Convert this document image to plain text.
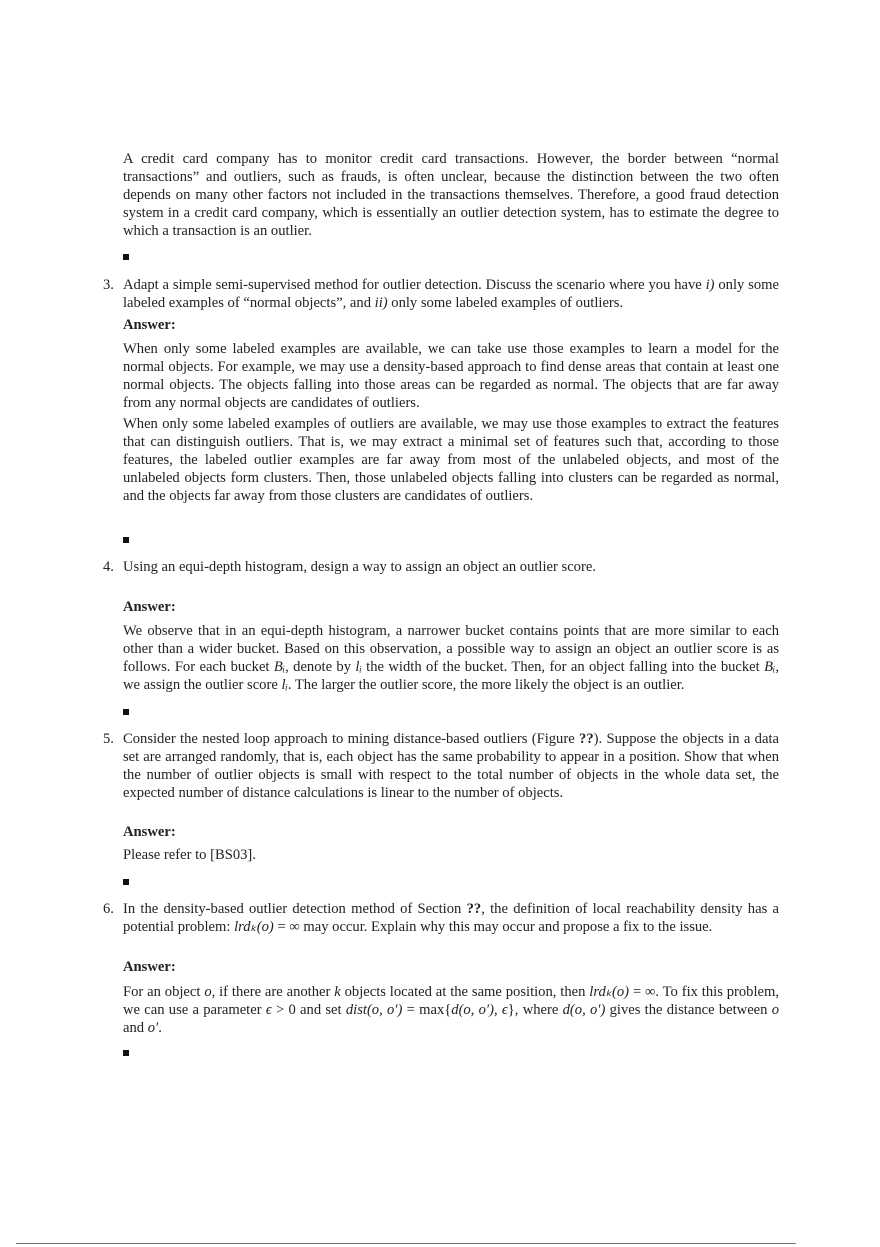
A credit card company has to monitor credit card transactions. However, the border between “normal transactions” and outliers, such as frauds, is often unclear, because the distinction between the two often depends on many other factors not included in the transactions themselves. Therefore, a good fraud detection system in a credit card company, which is essentially an outlier detection system, has to estimate the degree to which a transaction is an outlier.
3. Adapt a simple semi-supervised method for outlier detection. Discuss the scenario where you have i) only some labeled examples of “normal objects”, and ii) only some labeled examples of outliers.
Answer:
When only some labeled examples are available, we can take use those examples to learn a model for the normal objects. For example, we may use a density-based approach to find dense areas that contain at least one normal objects. The objects falling into those areas can be regarded as normal. The objects that are far away from any normal objects are candidates of outliers.
When only some labeled examples of outliers are available, we may use those examples to extract the features that can distinguish outliers. That is, we may extract a minimal set of features such that, according to those features, the labeled outlier examples are far away from most of the unlabeled objects, and most of the unlabeled objects form clusters. Then, those unlabeled objects falling into clusters can be regarded as normal, and the objects far away from those clusters are candidates of outliers.
4. Using an equi-depth histogram, design a way to assign an object an outlier score.
Answer:
We observe that in an equi-depth histogram, a narrower bucket contains points that are more similar to each other than a wider bucket. Based on this observation, a possible way to assign an object an outlier score is as follows. For each bucket Bᵢ, denote by lᵢ the width of the bucket. Then, for an object falling into the bucket Bᵢ, we assign the outlier score lᵢ. The larger the outlier score, the more likely the object is an outlier.
5. Consider the nested loop approach to mining distance-based outliers (Figure ??). Suppose the objects in a data set are arranged randomly, that is, each object has the same probability to appear in a position. Show that when the number of outlier objects is small with respect to the total number of objects in the whole data set, the expected number of distance calculations is linear to the number of objects.
Answer:
Please refer to [BS03].
6. In the density-based outlier detection method of Section ??, the definition of local reachability density has a potential problem: lrdₖ(o) = ∞ may occur. Explain why this may occur and propose a fix to the issue.
Answer:
For an object o, if there are another k objects located at the same position, then lrdₖ(o) = ∞. To fix this problem, we can use a parameter ϵ > 0 and set dist(o, o′) = max{d(o, o′), ϵ}, where d(o, o′) gives the distance between o and o′.
